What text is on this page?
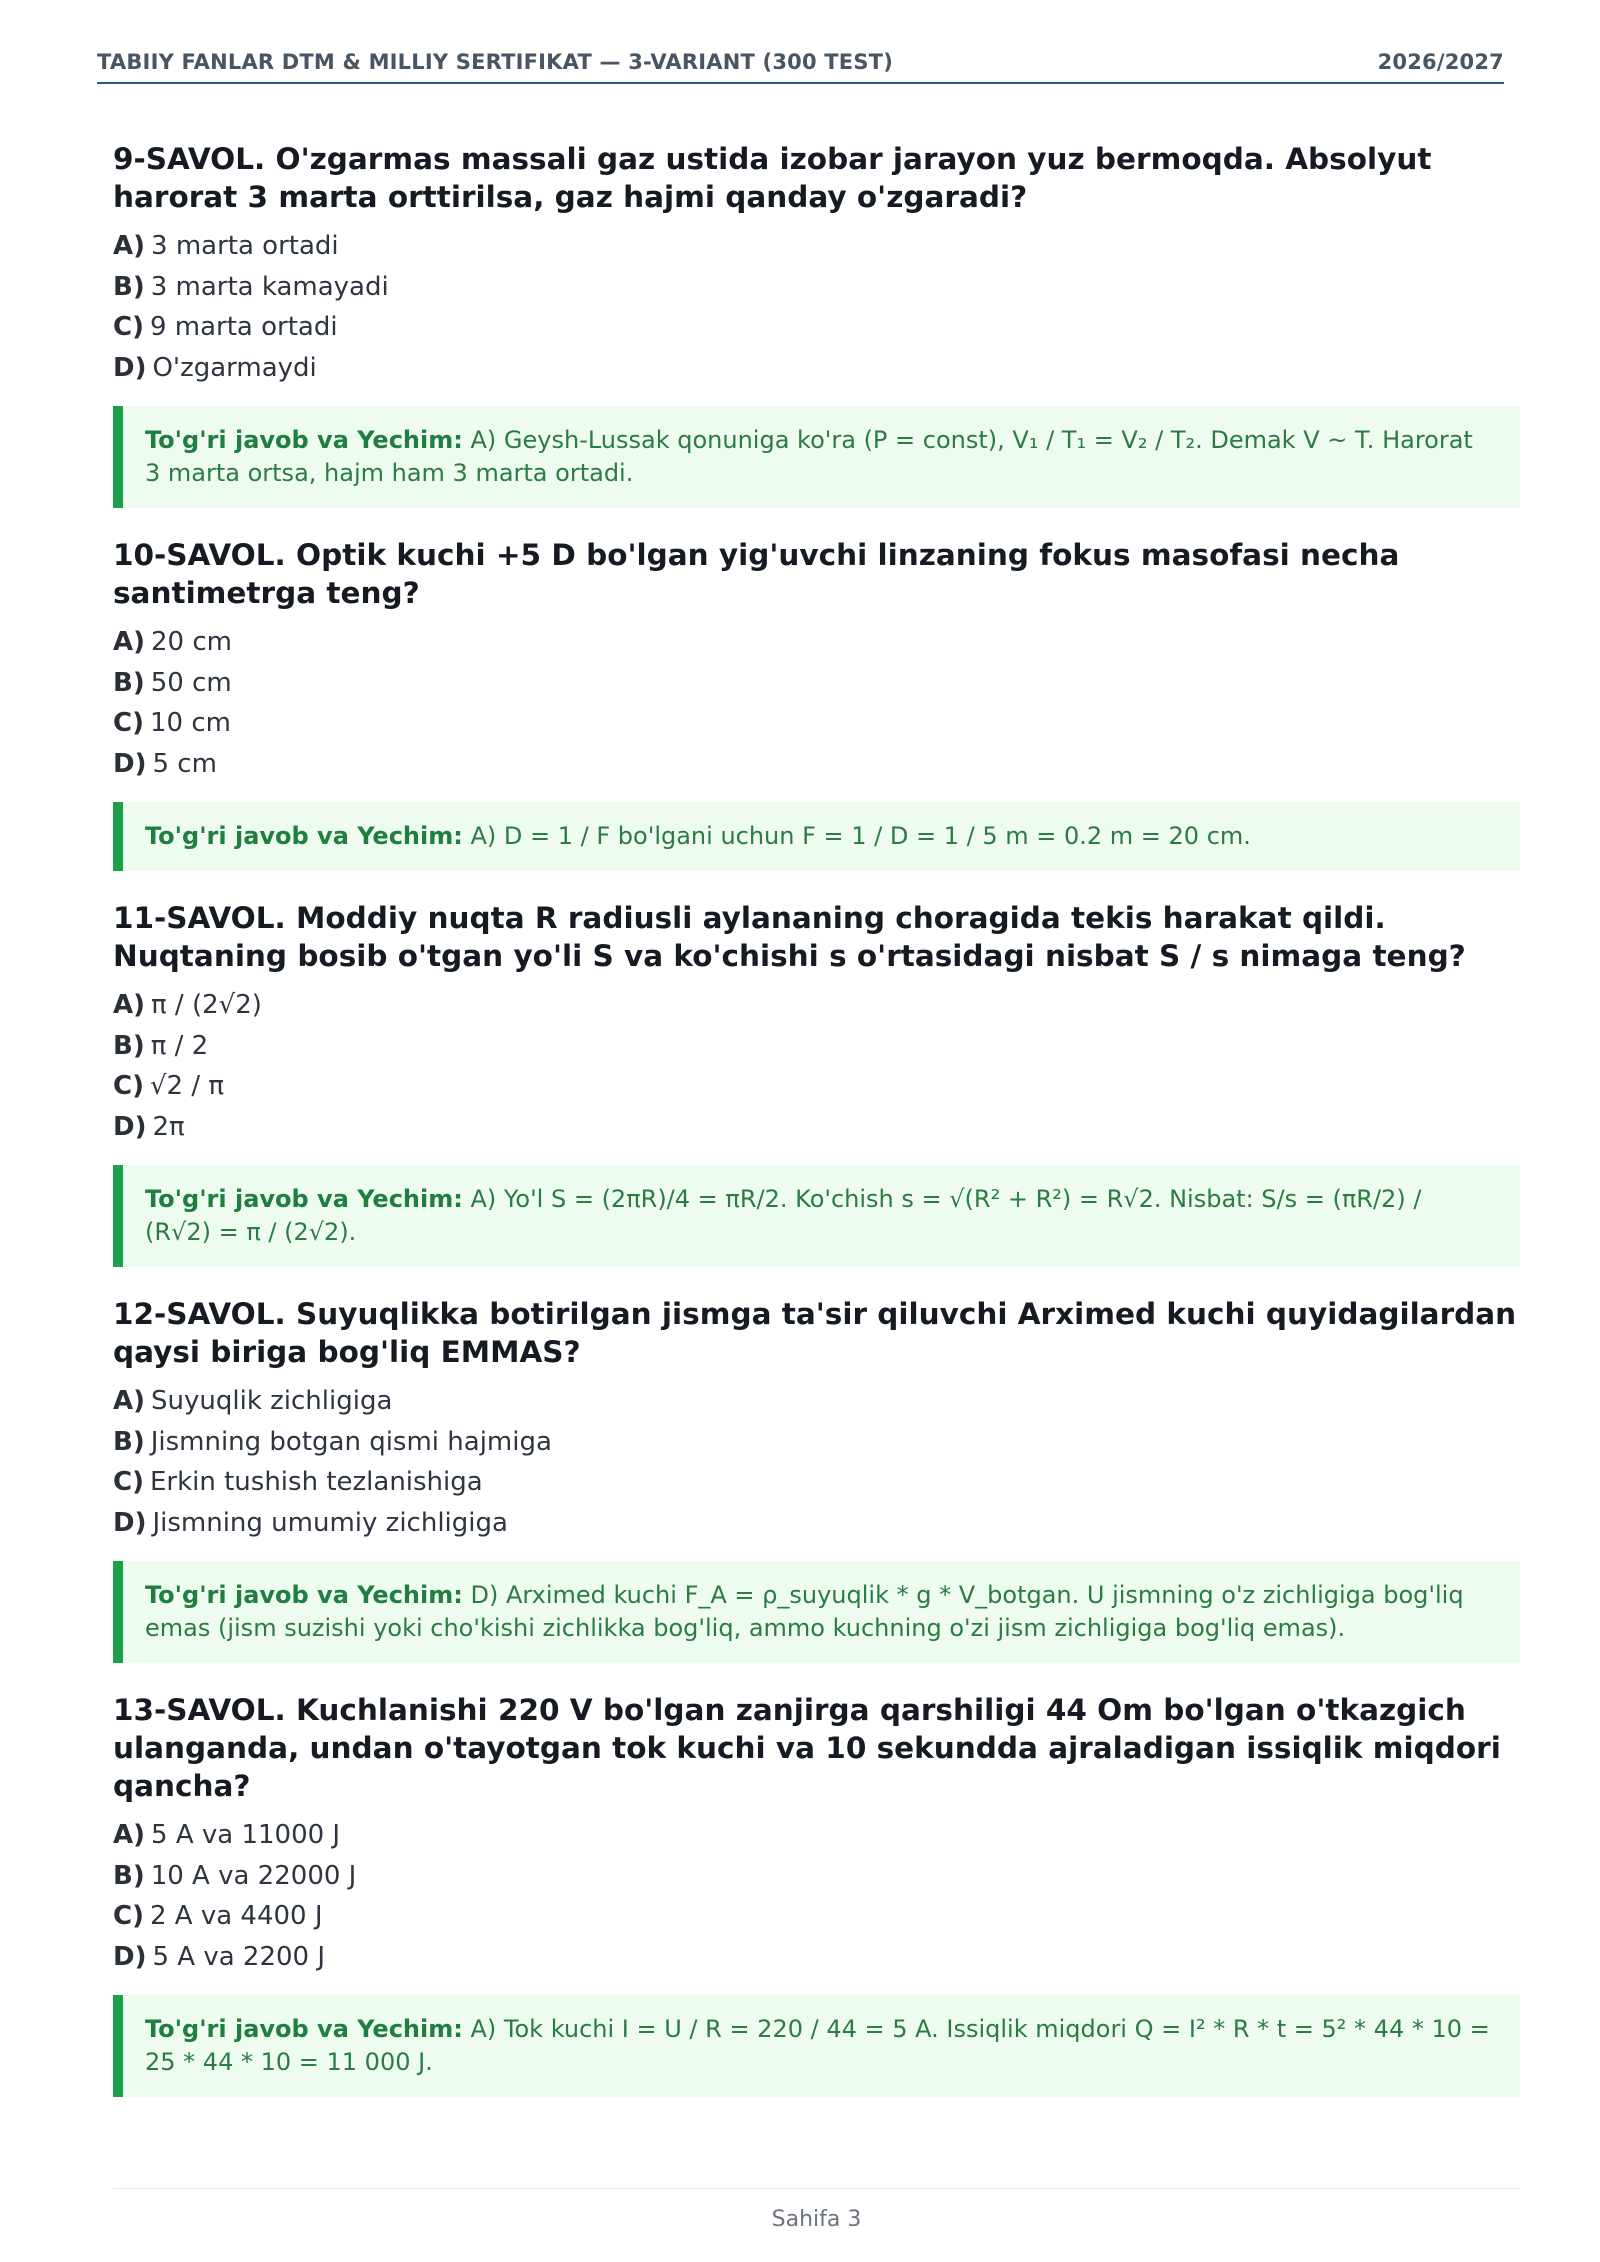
TABIIY FANLAR DTM & MILLIY SERTIFIKAT — 3-VARIANT (300 TEST)	2026/2027

9-SAVOL. O'zgarmas massali gaz ustida izobar jarayon yuz bermoqda. Absolyut harorat 3 marta orttirilsa, gaz hajmi qanday o'zgaradi?

A) 3 marta ortadi
B) 3 marta kamayadi
C) 9 marta ortadi
D) O'zgarmaydi
To'g'ri javob va Yechim: A) Geysh-Lussak qonuniga ko'ra (P = const), V₁ / T₁ = V₂ / T₂. Demak V ~ T. Harorat 3 marta ortsa, hajm ham 3 marta ortadi.

10-SAVOL. Optik kuchi +5 D bo'lgan yig'uvchi linzaning fokus masofasi necha santimetrga teng?

A) 20 cm
B) 50 cm
C) 10 cm
D) 5 cm
To'g'ri javob va Yechim: A) D = 1 / F bo'lgani uchun F = 1 / D = 1 / 5 m = 0.2 m = 20 cm.

11-SAVOL. Moddiy nuqta R radiusli aylananing choragida tekis harakat qildi. Nuqtaning bosib o'tgan yo'li S va ko'chishi s o'rtasidagi nisbat S / s nimaga teng?

A) π / (2√2)
B) π / 2
C) √2 / π
D) 2π
To'g'ri javob va Yechim: A) Yo'l S = (2πR)/4 = πR/2. Ko'chish s = √(R² + R²) = R√2. Nisbat: S/s = (πR/2) / (R√2) = π / (2√2).

12-SAVOL. Suyuqlikka botirilgan jismga ta'sir qiluvchi Arximed kuchi quyidagilardan qaysi biriga bog'liq EMMAS?

A) Suyuqlik zichligiga
B) Jismning botgan qismi hajmiga
C) Erkin tushish tezlanishiga
D) Jismning umumiy zichligiga
To'g'ri javob va Yechim: D) Arximed kuchi F_A = ρ_suyuqlik * g * V_botgan. U jismning o'z zichligiga bog'liq emas (jism suzishi yoki cho'kishi zichlikka bog'liq, ammo kuchning o'zi jism zichligiga bog'liq emas).

13-SAVOL. Kuchlanishi 220 V bo'lgan zanjirga qarshiligi 44 Om bo'lgan o'tkazgich ulanganda, undan o'tayotgan tok kuchi va 10 sekundda ajraladigan issiqlik miqdori qancha?

A) 5 A va 11000 J
B) 10 A va 22000 J
C) 2 A va 4400 J
D) 5 A va 2200 J
To'g'ri javob va Yechim: A) Tok kuchi I = U / R = 220 / 44 = 5 A. Issiqlik miqdori Q = I² * R * t = 5² * 44 * 10 = 25 * 44 * 10 = 11 000 J.
Sahifa 3
